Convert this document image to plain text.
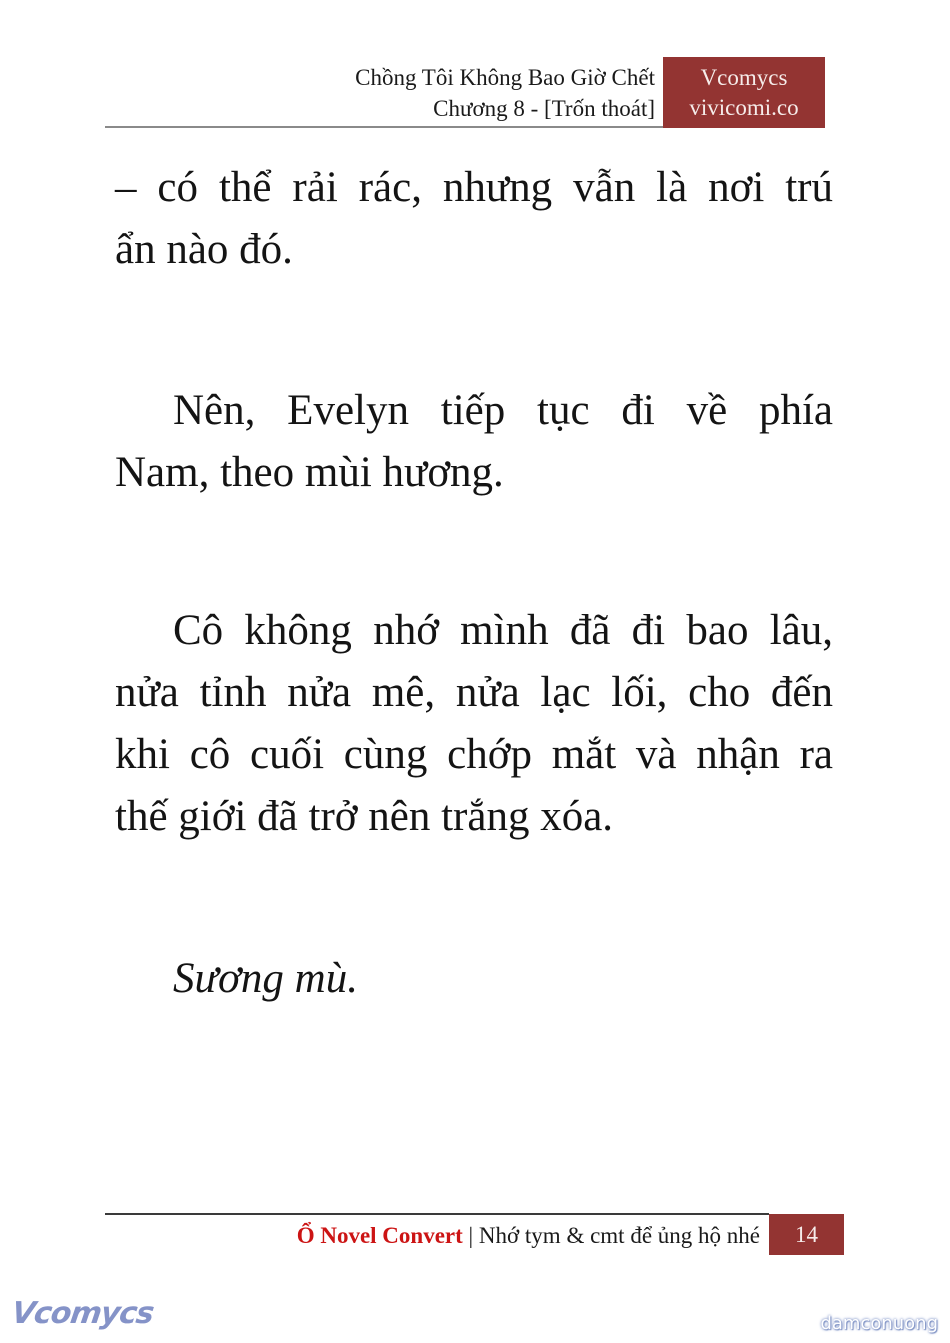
Chồng Tôi Không Bao Giờ Chết
Chương 8 - [Trốn thoát]
Vcomycs
vivicomi.co

– có thể rải rác, nhưng vẫn là nơi trú

ẩn nào đó.

Nên, Evelyn tiếp tục đi về phía

Nam, theo mùi hương.

Cô không nhớ mình đã đi bao lâu,

nửa tỉnh nửa mê, nửa lạc lối, cho đến

khi cô cuối cùng chớp mắt và nhận ra

thế giới đã trở nên trắng xóa.

Sương mù.

Ổ Novel Convert | Nhớ tym & cmt để ủng hộ nhé	14
Vcomycs	damconuong
